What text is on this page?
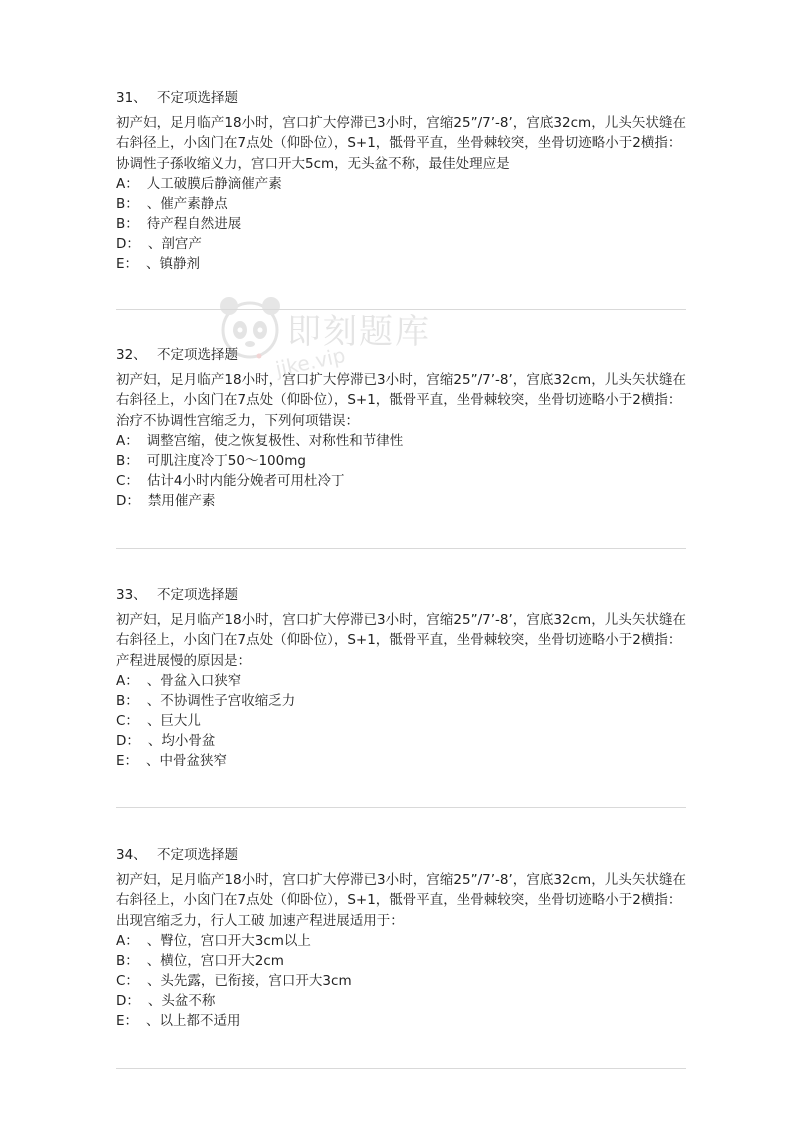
即刻题库
jike.vip
31、 不定项选择题
初产妇，足月临产18小时，宫口扩大停滞已3小时，宫缩25”/7’-8’，宫底32cm，儿头矢状缝在右斜径上，小囟门在7点处（仰卧位），S+1，骶骨平直，坐骨棘较突，坐骨切迹略小于2横指：
协调性子孫收缩义力，宫口开大5cm，无头盆不称，最佳处理应是
A： 人工破膜后静滴催产素
B： 、催产素静点
B： 待产程自然进展
D： 、剖宫产
E： 、镇静剂
32、 不定项选择题
初产妇，足月临产18小时，宫口扩大停滞已3小时，宫缩25”/7’-8’，宫底32cm，儿头矢状缝在右斜径上，小囟门在7点处（仰卧位），S+1，骶骨平直，坐骨棘较突，坐骨切迹略小于2横指：
治疗不协调性宫缩乏力，下列何项错误：
A： 调整宫缩，使之恢复极性、对称性和节律性
B： 可肌注度冷丁50～100mg
C： 估计4小时内能分娩者可用杜冷丁
D： 禁用催产素
33、 不定项选择题
初产妇，足月临产18小时，宫口扩大停滞已3小时，宫缩25”/7’-8’，宫底32cm，儿头矢状缝在右斜径上，小囟门在7点处（仰卧位），S+1，骶骨平直，坐骨棘较突，坐骨切迹略小于2横指：
产程进展慢的原因是：
A： 、骨盆入口狭窄
B： 、不协调性子宫收缩乏力
C： 、巨大儿
D： 、均小骨盆
E： 、中骨盆狭窄
34、 不定项选择题
初产妇，足月临产18小时，宫口扩大停滞已3小时，宫缩25”/7’-8’，宫底32cm，儿头矢状缝在右斜径上，小囟门在7点处（仰卧位），S+1，骶骨平直，坐骨棘较突，坐骨切迹略小于2横指：
出现宫缩乏力，行人工破 加速产程进展适用于：
A： 、臀位，宫口开大3cm以上
B： 、横位，宫口开大2cm
C： 、头先露，已衔接，宫口开大3cm
D： 、头盆不称
E： 、以上都不适用
